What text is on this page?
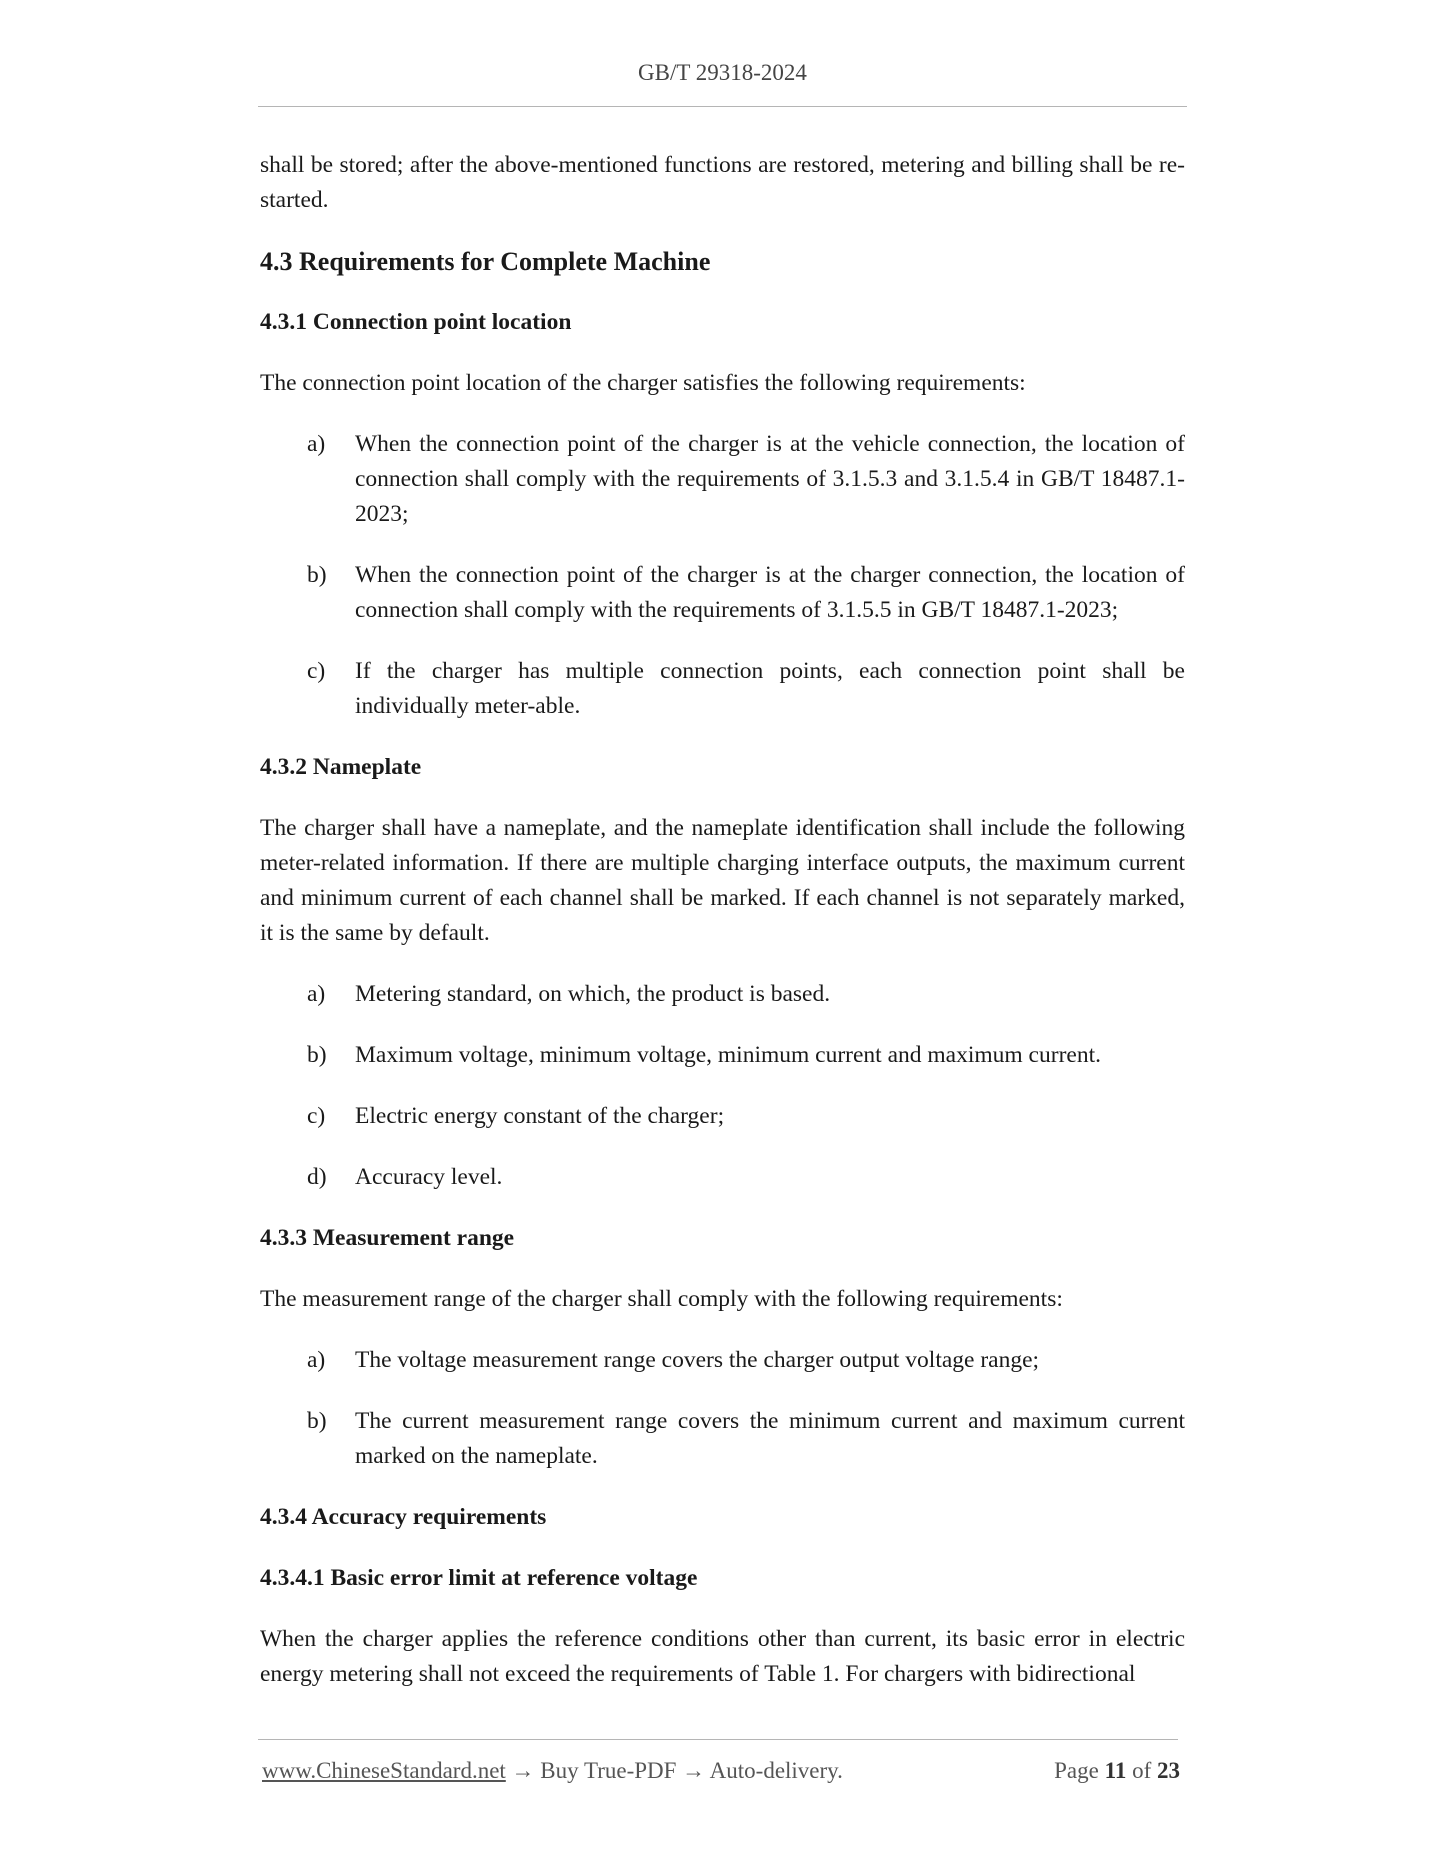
GB/T 29318-2024

shall be stored; after the above-mentioned functions are restored, metering and billing shall be re-started.

4.3 Requirements for Complete Machine
4.3.1 Connection point location

The connection point location of the charger satisfies the following requirements:

a) When the connection point of the charger is at the vehicle connection, the location of connection shall comply with the requirements of 3.1.5.3 and 3.1.5.4 in GB/T 18487.1-2023;
b) When the connection point of the charger is at the charger connection, the location of connection shall comply with the requirements of 3.1.5.5 in GB/T 18487.1-2023;
c) If the charger has multiple connection points, each connection point shall be individually meter-able.
4.3.2 Nameplate

The charger shall have a nameplate, and the nameplate identification shall include the following meter-related information. If there are multiple charging interface outputs, the maximum current and minimum current of each channel shall be marked. If each channel is not separately marked, it is the same by default.

a) Metering standard, on which, the product is based.
b) Maximum voltage, minimum voltage, minimum current and maximum current.
c) Electric energy constant of the charger;
d) Accuracy level.
4.3.3 Measurement range

The measurement range of the charger shall comply with the following requirements:

a) The voltage measurement range covers the charger output voltage range;
b) The current measurement range covers the minimum current and maximum current marked on the nameplate.
4.3.4 Accuracy requirements
4.3.4.1 Basic error limit at reference voltage

When the charger applies the reference conditions other than current, its basic error in electric energy metering shall not exceed the requirements of Table 1. For chargers with bidirectional

www.ChineseStandard.net → Buy True-PDF → Auto-delivery.	Page 11 of 23
